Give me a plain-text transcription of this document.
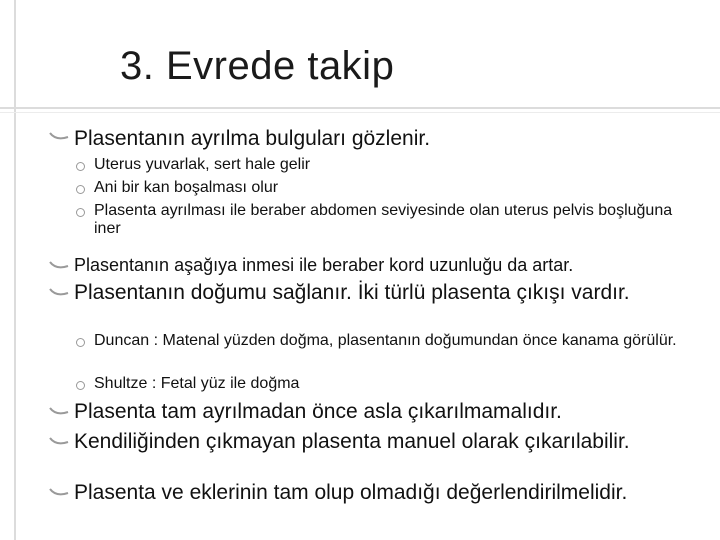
3. Evrede takip
Plasentanın ayrılma bulguları gözlenir.
Uterus yuvarlak, sert hale gelir
Ani bir kan boşalması olur
Plasenta ayrılması ile beraber abdomen seviyesinde olan uterus pelvis boşluğuna iner
Plasentanın aşağıya inmesi ile beraber kord uzunluğu da artar.
Plasentanın doğumu sağlanır. İki türlü plasenta çıkışı vardır.
Duncan : Matenal yüzden doğma, plasentanın doğumundan önce kanama görülür.
Shultze : Fetal yüz ile doğma
Plasenta tam ayrılmadan önce asla çıkarılmamalıdır.
Kendiliğinden çıkmayan plasenta manuel olarak çıkarılabilir.
Plasenta ve eklerinin tam olup olmadığı değerlendirilmelidir.
